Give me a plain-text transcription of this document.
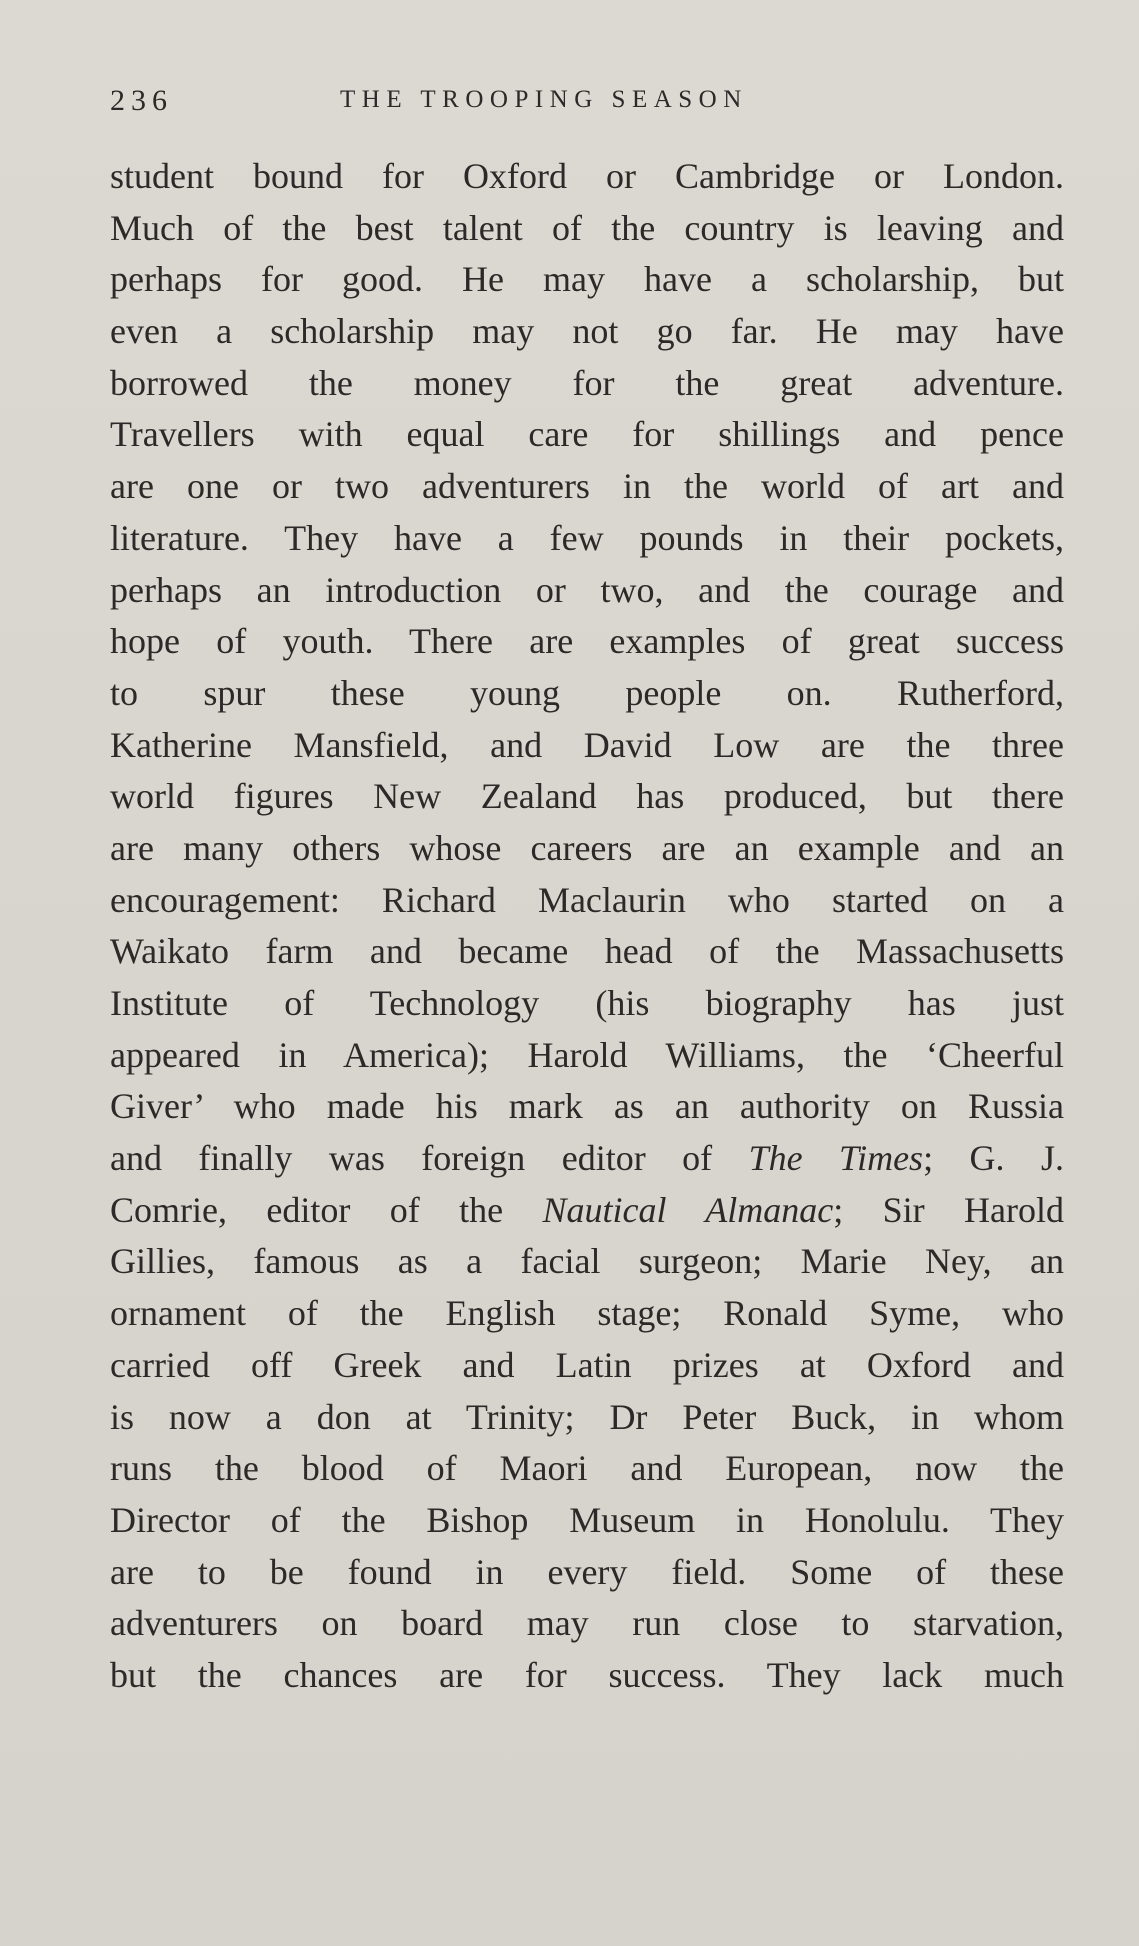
236	THE TROOPING SEASON
student bound for Oxford or Cambridge or London.
Much of the best talent of the country is leaving and
perhaps for good. He may have a scholarship, but
even a scholarship may not go far. He may have
borrowed the money for the great adventure.
Travellers with equal care for shillings and pence
are one or two adventurers in the world of art and
literature. They have a few pounds in their pockets,
perhaps an introduction or two, and the courage and
hope of youth. There are examples of great success
to spur these young people on. Rutherford,
Katherine Mansfield, and David Low are the three
world figures New Zealand has produced, but there
are many others whose careers are an example and an
encouragement: Richard Maclaurin who started on a
Waikato farm and became head of the Massachusetts
Institute of Technology (his biography has just
appeared in America); Harold Williams, the ‘Cheerful
Giver’ who made his mark as an authority on Russia
and finally was foreign editor of The Times; G. J.
Comrie, editor of the Nautical Almanac; Sir Harold
Gillies, famous as a facial surgeon; Marie Ney, an
ornament of the English stage; Ronald Syme, who
carried off Greek and Latin prizes at Oxford and
is now a don at Trinity; Dr Peter Buck, in whom
runs the blood of Maori and European, now the
Director of the Bishop Museum in Honolulu. They
are to be found in every field. Some of these
adventurers on board may run close to starvation,
but the chances are for success. They lack much
